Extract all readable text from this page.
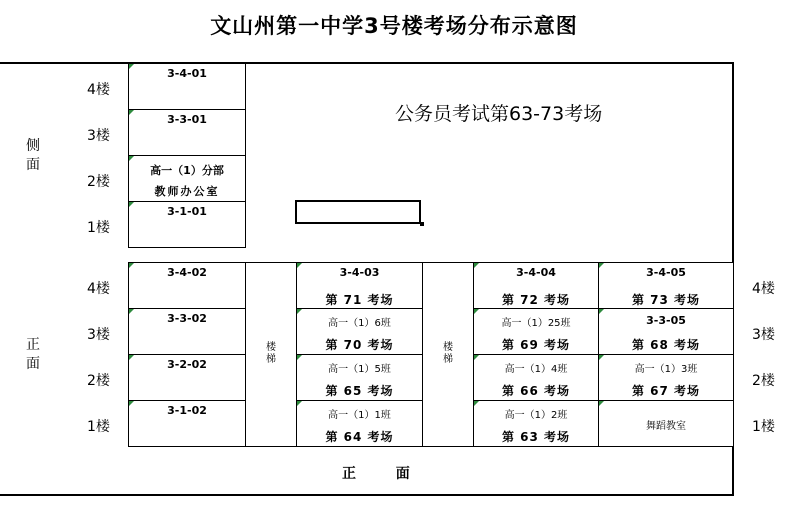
文山州第一中学3号楼考场分布示意图
侧
面
正
面
4楼
3楼
2楼
1楼
4楼
3楼
2楼
1楼
4楼
3楼
2楼
1楼
公务员考试第63-73考场
3-4-01
3-3-01
高一（1）分部
教师办公室
3-1-01
3-4-02
3-3-02
3-2-02
3-1-02
楼
梯
3-4-03
第 71 考场
高一（1）6班
第 70 考场
高一（1）5班
第 65 考场
高一（1）1班
第 64 考场
楼
梯
3-4-04
第 72 考场
高一（1）25班
第 69 考场
高一（1）4班
第 66 考场
高一（1）2班
第 63 考场
3-4-05
第 73 考场
3-3-05
第 68 考场
高一（1）3班
第 67 考场
舞蹈教室
正  面
